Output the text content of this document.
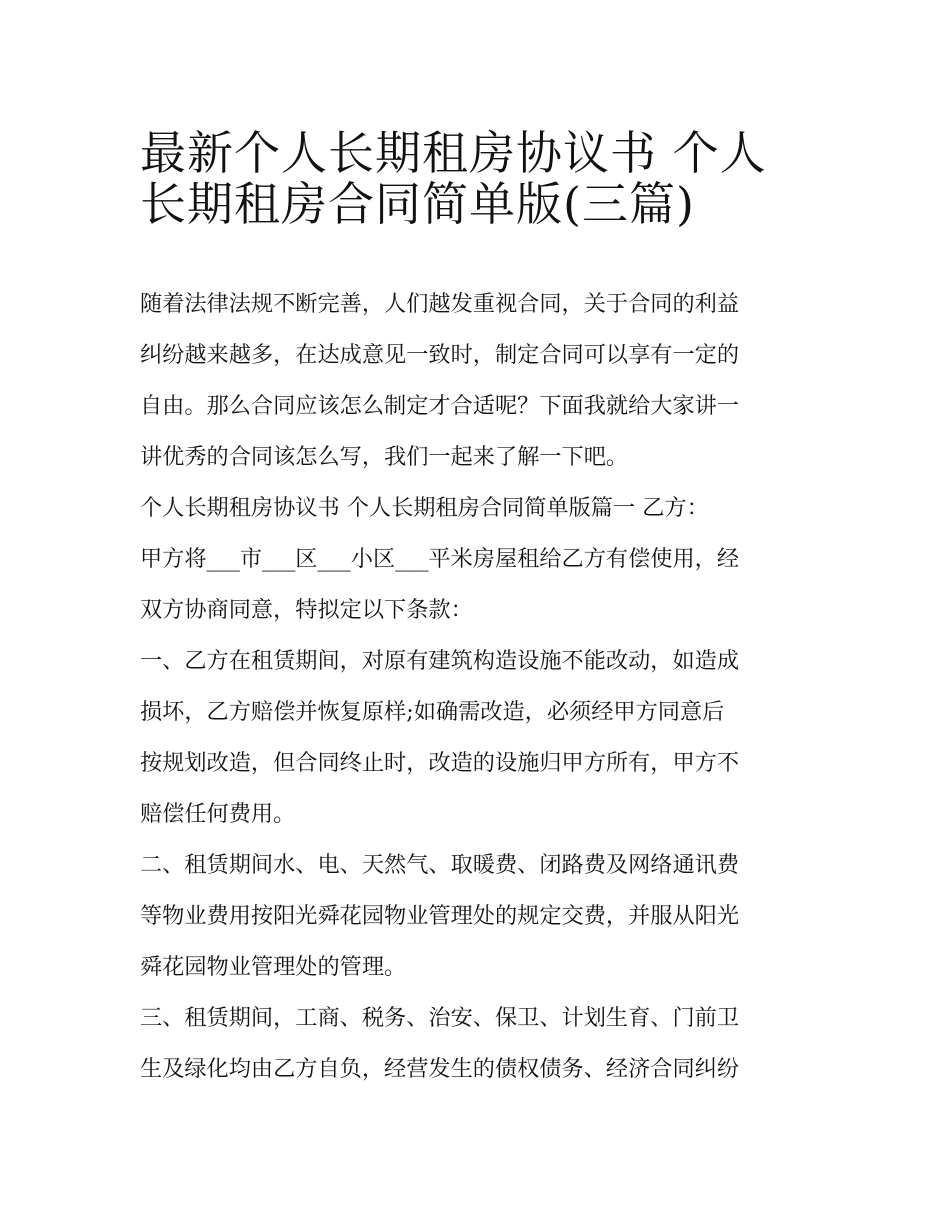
最新个人长期租房协议书 个人
长期租房合同简单版(三篇)

随着法律法规不断完善，人们越发重视合同，关于合同的利益
纠纷越来越多，在达成意见一致时，制定合同可以享有一定的
自由。那么合同应该怎么制定才合适呢？下面我就给大家讲一
讲优秀的合同该怎么写，我们一起来了解一下吧。

个人长期租房协议书 个人长期租房合同简单版篇一 乙方：

甲方将___市___区___小区___平米房屋租给乙方有偿使用，经
双方协商同意，特拟定以下条款：

一、乙方在租赁期间，对原有建筑构造设施不能改动，如造成
损坏，乙方赔偿并恢复原样;如确需改造，必须经甲方同意后
按规划改造，但合同终止时，改造的设施归甲方所有，甲方不
赔偿任何费用。

二、租赁期间水、电、天然气、取暖费、闭路费及网络通讯费
等物业费用按阳光舜花园物业管理处的规定交费，并服从阳光
舜花园物业管理处的管理。

三、租赁期间，工商、税务、治安、保卫、计划生育、门前卫
生及绿化均由乙方自负，经营发生的债权债务、经济合同纠纷
